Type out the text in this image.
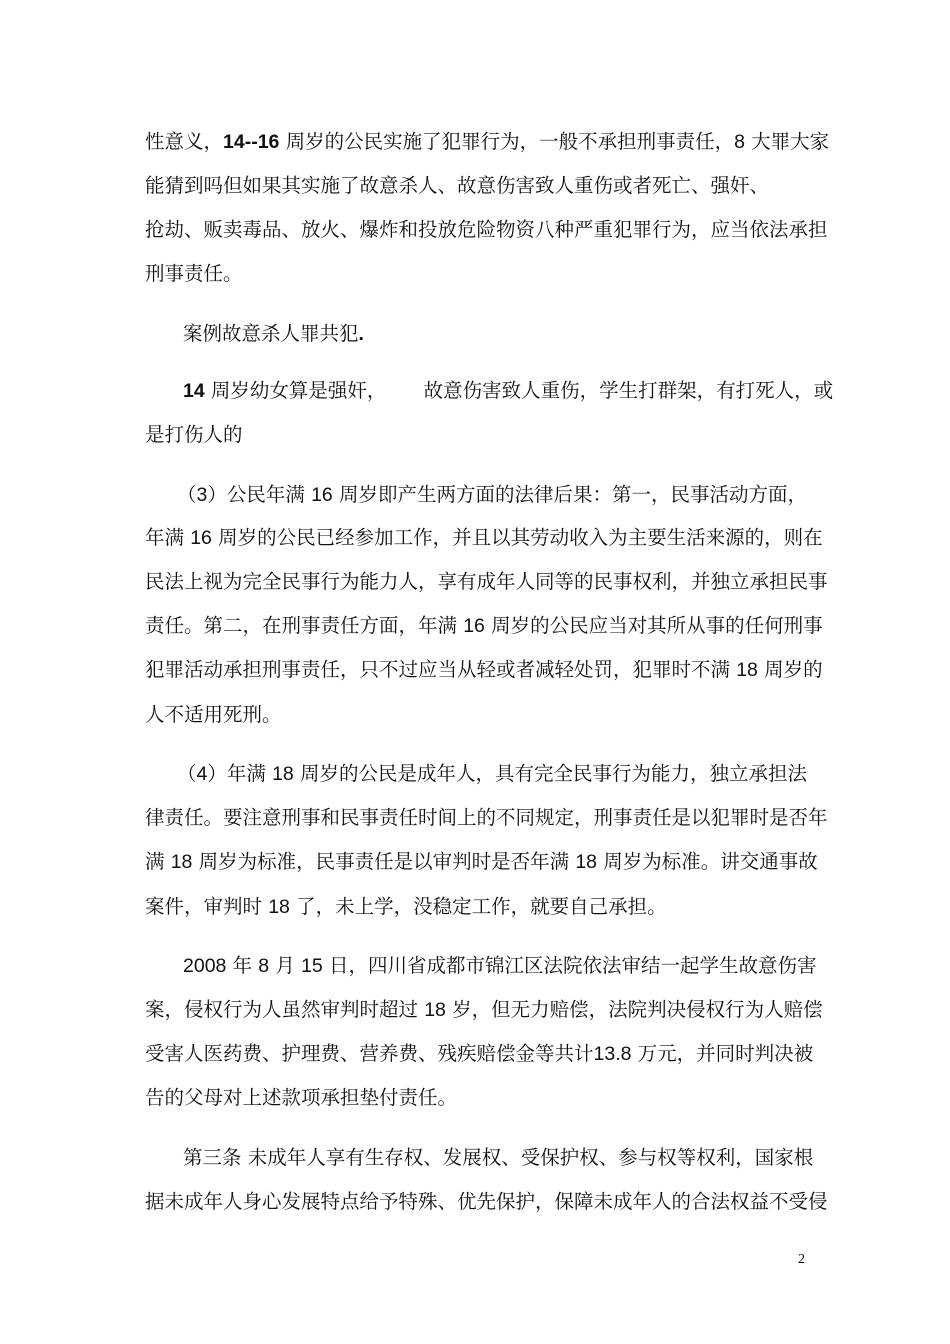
性意义，14--16 周岁的公民实施了犯罪行为，一般不承担刑事责任，8 大罪大家
能猜到吗但如果其实施了故意杀人、故意伤害致人重伤或者死亡、强奸、
抢劫、贩卖毒品、放火、爆炸和投放危险物资八种严重犯罪行为，应当依法承担
刑事责任。
案例故意杀人罪共犯.
14 周岁幼女算是强奸，      故意伤害致人重伤，学生打群架，有打死人，或
是打伤人的
（3）公民年满 16 周岁即产生两方面的法律后果：第一，民事活动方面，
年满 16 周岁的公民已经参加工作，并且以其劳动收入为主要生活来源的，则在
民法上视为完全民事行为能力人，享有成年人同等的民事权利，并独立承担民事
责任。第二，在刑事责任方面，年满 16 周岁的公民应当对其所从事的任何刑事
犯罪活动承担刑事责任，只不过应当从轻或者减轻处罚，犯罪时不满 18 周岁的
人不适用死刑。
（4）年满 18 周岁的公民是成年人，具有完全民事行为能力，独立承担法
律责任。要注意刑事和民事责任时间上的不同规定，刑事责任是以犯罪时是否年
满 18 周岁为标准，民事责任是以审判时是否年满 18 周岁为标准。讲交通事故
案件，审判时 18 了，未上学，没稳定工作，就要自己承担。
2008 年 8 月 15 日，四川省成都市锦江区法院依法审结一起学生故意伤害
案，侵权行为人虽然审判时超过 18 岁，但无力赔偿，法院判决侵权行为人赔偿
受害人医药费、护理费、营养费、残疾赔偿金等共计13.8 万元，并同时判决被
告的父母对上述款项承担垫付责任。
第三条 未成年人享有生存权、发展权、受保护权、参与权等权利，国家根
据未成年人身心发展特点给予特殊、优先保护，保障未成年人的合法权益不受侵
2
